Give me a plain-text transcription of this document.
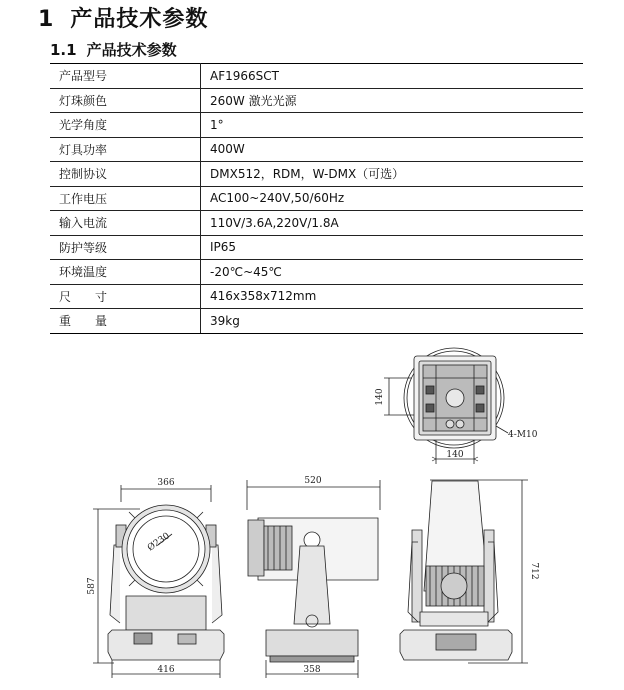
1 产品技术参数
1.1 产品技术参数
产品型号	AF1966SCT
灯珠颜色	260W 激光光源
光学角度	1°
灯具功率	400W
控制协议	DMX512，RDM，W-DMX（可选）
工作电压	AC100~240V,50/60Hz
输入电流	110V/3.6A,220V/1.8A
防护等级	IP65
环境温度	-20℃~45℃
尺　　寸	416x358x712mm
重　　量	39kg
140
140
4-M10
366
587
416
Ø230
520
358
712
